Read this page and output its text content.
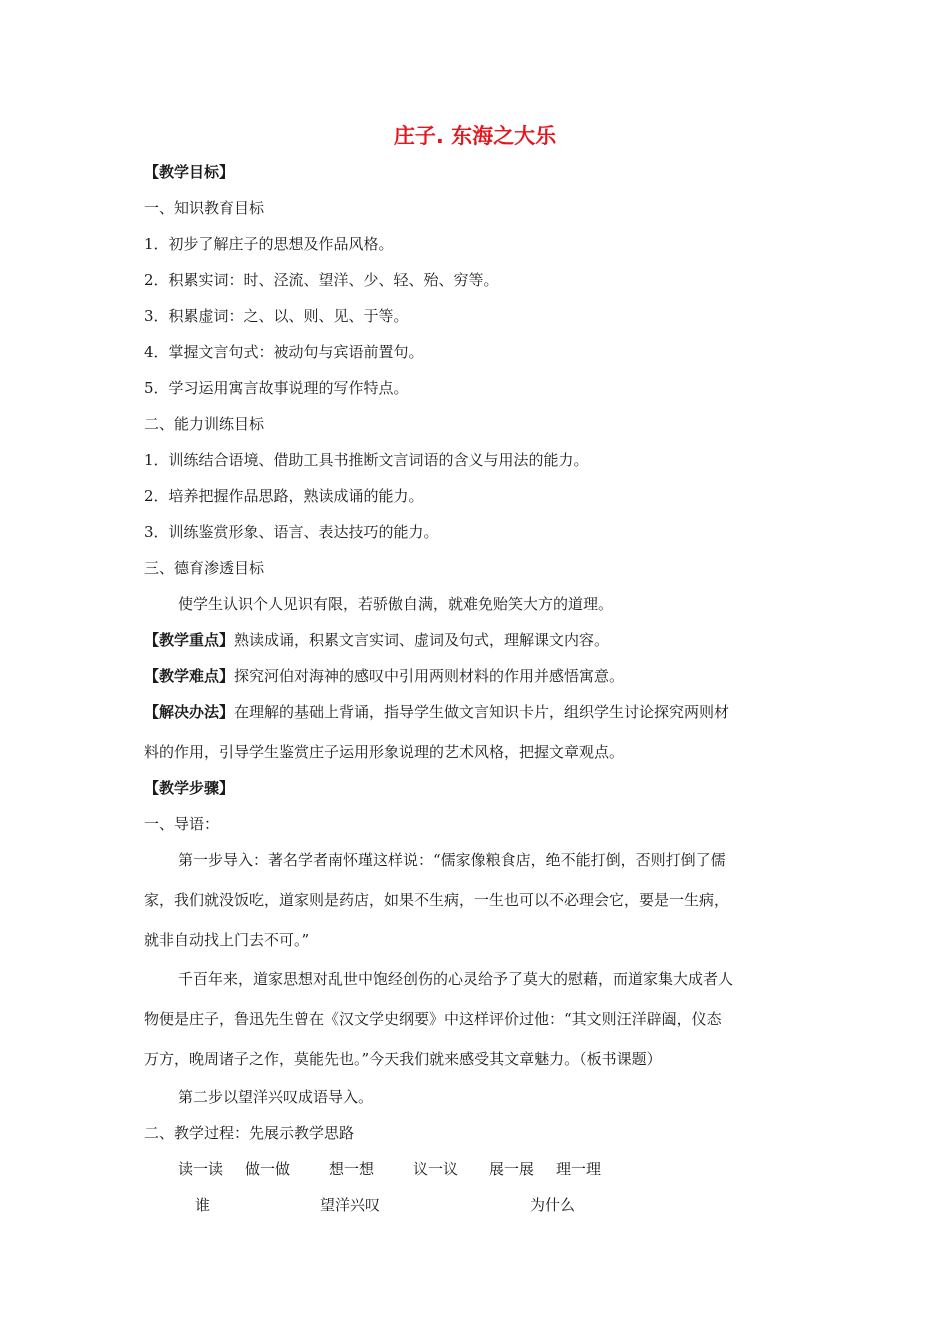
庄子. 东海之大乐
【教学目标】
一、知识教育目标
1．初步了解庄子的思想及作品风格。
2．积累实词：时、泾流、望洋、少、轻、殆、穷等。
3．积累虚词：之、以、则、见、于等。
4．掌握文言句式：被动句与宾语前置句。
5．学习运用寓言故事说理的写作特点。
二、能力训练目标
1．训练结合语境、借助工具书推断文言词语的含义与用法的能力。
2．培养把握作品思路，熟读成诵的能力。
3．训练鉴赏形象、语言、表达技巧的能力。
三、德育渗透目标
使学生认识个人见识有限，若骄傲自满，就难免贻笑大方的道理。
【教学重点】熟读成诵，积累文言实词、虚词及句式，理解课文内容。
【教学难点】探究河伯对海神的感叹中引用两则材料的作用并感悟寓意。
【解决办法】在理解的基础上背诵，指导学生做文言知识卡片，组织学生讨论探究两则材
料的作用，引导学生鉴赏庄子运用形象说理的艺术风格，把握文章观点。
【教学步骤】
一、导语：
第一步导入：著名学者南怀瑾这样说：“儒家像粮食店，绝不能打倒，否则打倒了儒
家，我们就没饭吃，道家则是药店，如果不生病，一生也可以不必理会它，要是一生病，
就非自动找上门去不可。”
千百年来，道家思想对乱世中饱经创伤的心灵给予了莫大的慰藉，而道家集大成者人
物便是庄子，鲁迅先生曾在《汉文学史纲要》中这样评价过他：“其文则汪洋辟阖，仪态
万方，晚周诸子之作，莫能先也。”今天我们就来感受其文章魅力。（板书课题）
第二步以望洋兴叹成语导入。
二、教学过程：先展示教学思路
读一读 做一做	想一想	议一议 展一展 理一理
谁	望洋兴叹	为什么
